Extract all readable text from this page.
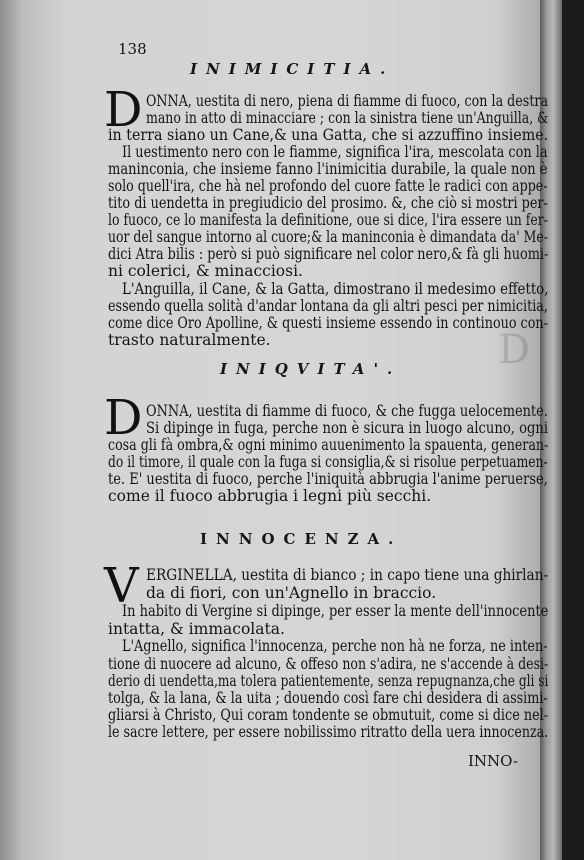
138
INIMICITIA.
D ONNA, uestita di nero, piena di fiamme di fuoco, con la destra
mano in atto di minacciare ; con la sinistra tiene un'Anguilla, &
in terra siano un Cane,& una Gatta, che si azzuffino insieme.
Il uestimento nero con le fiamme, significa l'ira, mescolata con la
maninconia, che insieme fanno l'inimicitia durabile, la quale non è
solo quell'ira, che hà nel profondo del cuore fatte le radici con appe-
tito di uendetta in pregiudicio del prosimo. &, che ciò si mostri per-
lo fuoco, ce lo manifesta la definitione, oue si dice, l'ira essere un fer-
uor del sangue intorno al cuore;& la maninconia è dimandata da' Me-
dici Atra bilis : però si può significare nel color nero,& fà gli huomi-
ni colerici, & minacciosi.
L'Anguilla, il Cane, & la Gatta, dimostrano il medesimo effetto,
essendo quella solità d'andar lontana da gli altri pesci per nimicitia,
come dice Oro Apolline, & questi insieme essendo in continouo con-
trasto naturalmente.	D
INIQVITA'.
D ONNA, uestita di fiamme di fuoco, & che fugga uelocemente.
Si dipinge in fuga, perche non è sicura in luogo alcuno, ogni
cosa gli fà ombra,& ogni minimo auuenimento la spauenta, generan-
do il timore, il quale con la fuga si consiglia,& si risolue perpetuamen-
te. E' uestita di fuoco, perche l'iniquità abbrugia l'anime peruerse,
come il fuoco abbrugia i legni più secchi.
INNOCENZA.
V ERGINELLA, uestita di bianco ; in capo tiene una ghirlan-
da di fiori, con un'Agnello in braccio.
In habito di Vergine si dipinge, per esser la mente dell'innocente
intatta, & immacolata.
L'Agnello, significa l'innocenza, perche non hà ne forza, ne inten-
tione di nuocere ad alcuno, & offeso non s'adira, ne s'accende à desi-
derio di uendetta,ma tolera patientemente, senza repugnanza,che gli si
tolga, & la lana, & la uita ; douendo così fare chi desidera di assimi-
gliarsi à Christo, Qui coram tondente se obmutuit, come si dice nel-
le sacre lettere, per essere nobilissimo ritratto della uera innocenza.
INNO-
